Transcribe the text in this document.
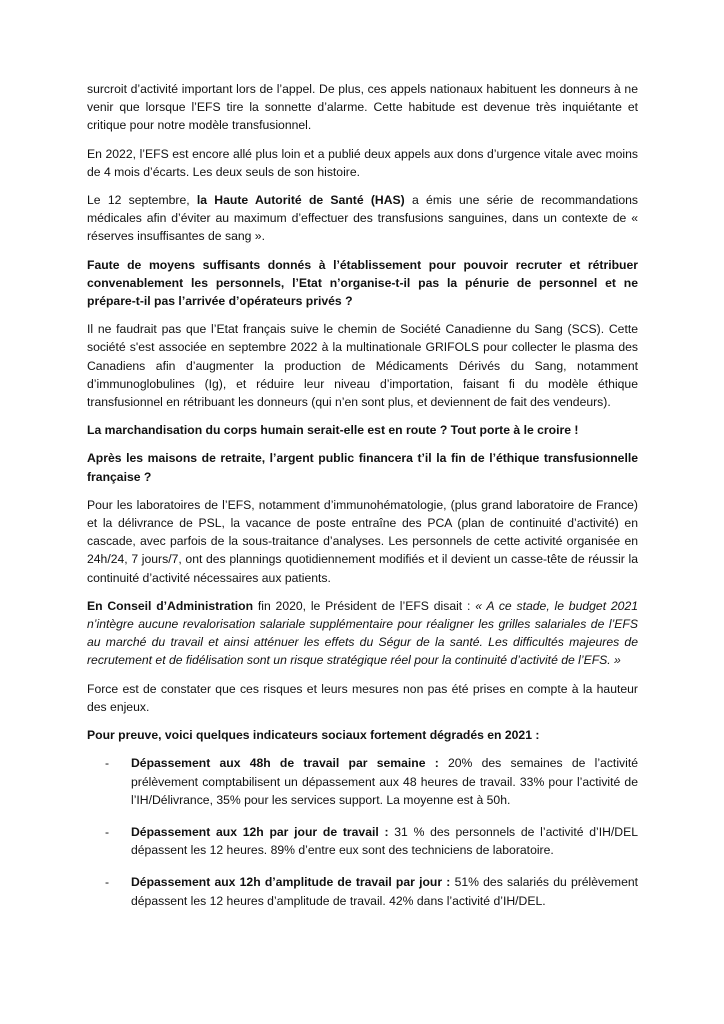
surcroit d’activité important lors de l’appel. De plus, ces appels nationaux habituent les donneurs à ne venir que lorsque l’EFS tire la sonnette d’alarme. Cette habitude est devenue très inquiétante et critique pour notre modèle transfusionnel.

En 2022, l’EFS est encore allé plus loin et a publié deux appels aux dons d’urgence vitale avec moins de 4 mois d’écarts. Les deux seuls de son histoire.

Le 12 septembre, la Haute Autorité de Santé (HAS) a émis une série de recommandations médicales afin d’éviter au maximum d’effectuer des transfusions sanguines, dans un contexte de « réserves insuffisantes de sang ».

Faute de moyens suffisants donnés à l’établissement pour pouvoir recruter et rétribuer convenablement les personnels, l’Etat n’organise-t-il pas la pénurie de personnel et ne prépare-t-il pas l’arrivée d’opérateurs privés ?

Il ne faudrait pas que l’Etat français suive le chemin de Société Canadienne du Sang (SCS). Cette société s'est associée en septembre 2022 à la multinationale GRIFOLS pour collecter le plasma des Canadiens afin d’augmenter la production de Médicaments Dérivés du Sang, notamment d’immunoglobulines (Ig), et réduire leur niveau d’importation, faisant fi du modèle éthique transfusionnel en rétribuant les donneurs (qui n’en sont plus, et deviennent de fait des vendeurs).

La marchandisation du corps humain serait-elle est en route ? Tout porte à le croire !

Après les maisons de retraite, l’argent public financera t’il la fin de l’éthique transfusionnelle française ?

Pour les laboratoires de l’EFS, notamment d’immunohématologie, (plus grand laboratoire de France) et la délivrance de PSL, la vacance de poste entraîne des PCA (plan de continuité d’activité) en cascade, avec parfois de la sous-traitance d’analyses. Les personnels de cette activité organisée en 24h/24, 7 jours/7, ont des plannings quotidiennement modifiés et il devient un casse-tête de réussir la continuité d’activité nécessaires aux patients.

En Conseil d’Administration fin 2020, le Président de l’EFS disait : « A ce stade, le budget 2021 n’intègre aucune revalorisation salariale supplémentaire pour réaligner les grilles salariales de l’EFS au marché du travail et ainsi atténuer les effets du Ségur de la santé. Les difficultés majeures de recrutement et de fidélisation sont un risque stratégique réel pour la continuité d’activité de l’EFS. »

Force est de constater que ces risques et leurs mesures non pas été prises en compte à la hauteur des enjeux.

Pour preuve, voici quelques indicateurs sociaux fortement dégradés en 2021 :

- Dépassement aux 48h de travail par semaine : 20% des semaines de l’activité prélèvement comptabilisent un dépassement aux 48 heures de travail. 33% pour l’activité de l’IH/Délivrance, 35% pour les services support. La moyenne est à 50h.
- Dépassement aux 12h par jour de travail : 31 % des personnels de l’activité d’IH/DEL dépassent les 12 heures. 89% d’entre eux sont des techniciens de laboratoire.
- Dépassement aux 12h d’amplitude de travail par jour : 51% des salariés du prélèvement dépassent les 12 heures d’amplitude de travail. 42% dans l’activité d’IH/DEL.
